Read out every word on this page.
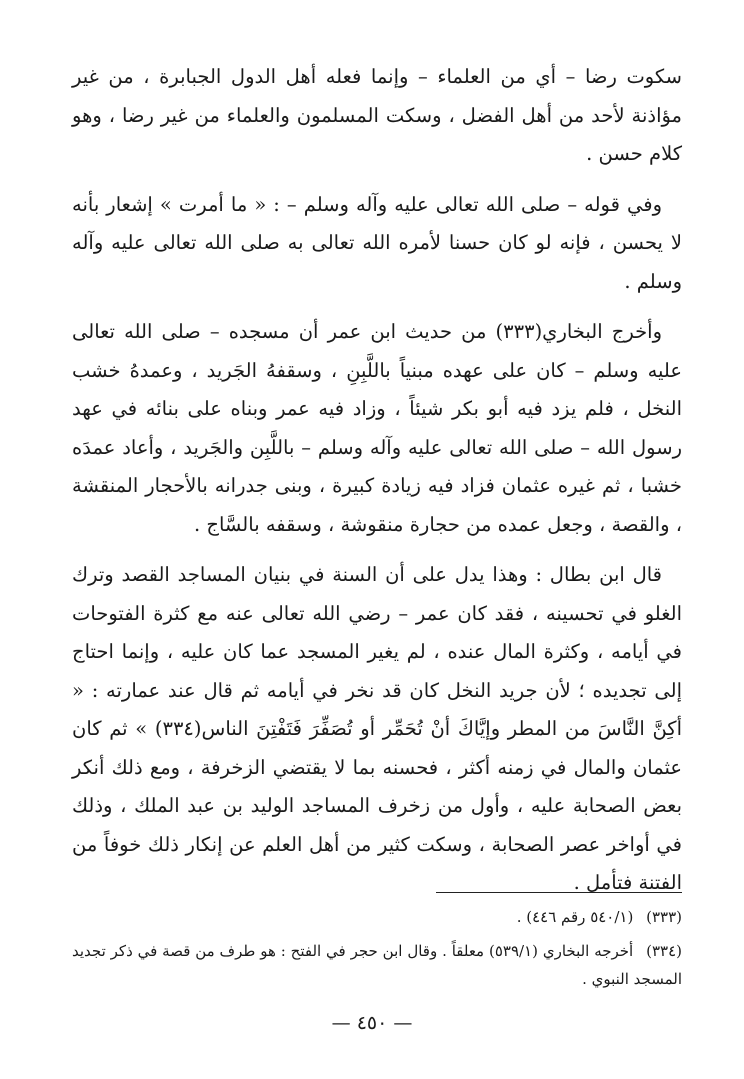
سكوت رضا – أي من العلماء – وإنما فعله أهل الدول الجبابرة ، من غير مؤاذنة لأحد من أهل الفضل ، وسكت المسلمون والعلماء من غير رضا ، وهو كلام حسن .

وفي قوله – صلى الله تعالى عليه وآله وسلم – : « ما أمرت » إشعار بأنه لا يحسن ، فإنه لو كان حسنا لأمره الله تعالى به صلى الله تعالى عليه وآله وسلم .

وأخرج البخاري(٣٣٣) من حديث ابن عمر أن مسجده – صلى الله تعالى عليه وسلم – كان على عهده مبنياً باللَّبِنِ ، وسقفهُ الجَريد ، وعمدهُ خشب النخل ، فلم يزد فيه أبو بكر شيئاً ، وزاد فيه عمر وبناه على بنائه في عهد رسول الله – صلى الله تعالى عليه وآله وسلم – باللَّبِن والجَريد ، وأعاد عمدَه خشبا ، ثم غيره عثمان فزاد فيه زيادة كبيرة ، وبنى جدرانه بالأحجار المنقشة ، والقصة ، وجعل عمده من حجارة منقوشة ، وسقفه بالسَّاج .

قال ابن بطال : وهذا يدل على أن السنة في بنيان المساجد القصد وترك الغلو في تحسينه ، فقد كان عمر – رضي الله تعالى عنه مع كثرة الفتوحات في أيامه ، وكثرة المال عنده ، لم يغير المسجد عما كان عليه ، وإنما احتاج إلى تجديده ؛ لأن جريد النخل كان قد نخر في أيامه ثم قال عند عمارته : « أكِنَّ النَّاسَ من المطر وإيَّاكَ أنْ تُحَمِّر أو تُصَفِّرَ فَتَفْتِنَ الناس(٣٣٤) » ثم كان عثمان والمال في زمنه أكثر ، فحسنه بما لا يقتضي الزخرفة ، ومع ذلك أنكر بعض الصحابة عليه ، وأول من زخرف المساجد الوليد بن عبد الملك ، وذلك في أواخر عصر الصحابة ، وسكت كثير من أهل العلم عن إنكار ذلك خوفاً من الفتنة فتأمل .

(٣٣٣) (٥٤٠/١ رقم ٤٤٦) .

(٣٣٤) أخرجه البخاري (٥٣٩/١) معلقاً . وقال ابن حجر في الفتح : هو طرف من قصة في ذكر تجديد المسجد النبوي .

— ٤٥٠ —
